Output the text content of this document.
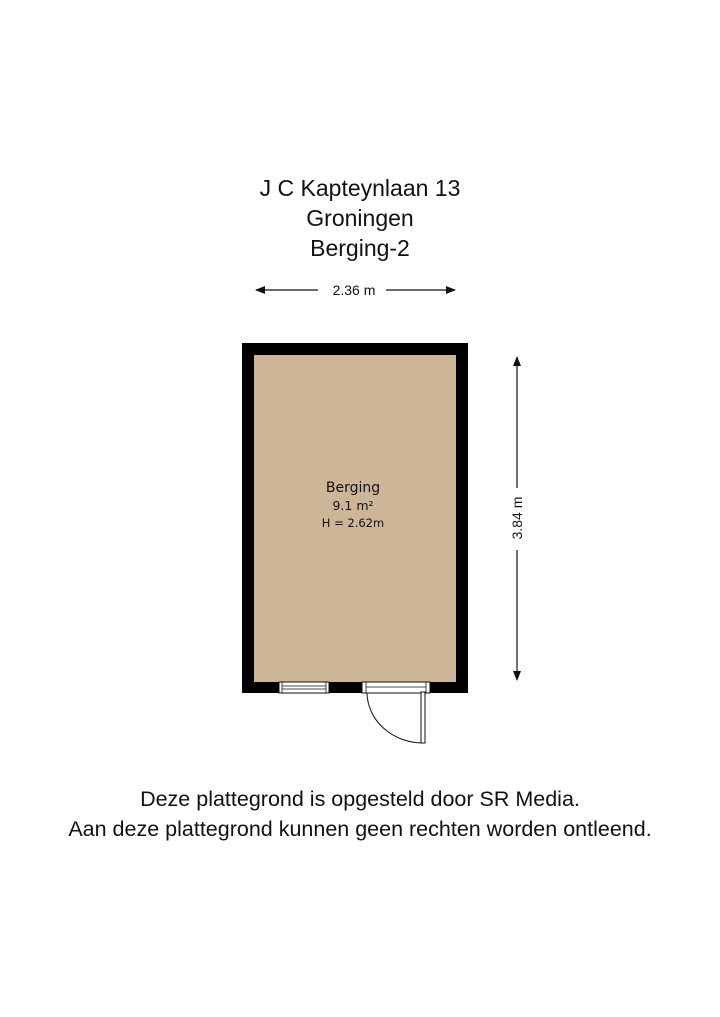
J C Kapteynlaan 13
Groningen
Berging-2
2.36 m
3.84 m
Berging
9.1 m²
H = 2.62m
Deze plattegrond is opgesteld door SR Media.
Aan deze plattegrond kunnen geen rechten worden ontleend.
